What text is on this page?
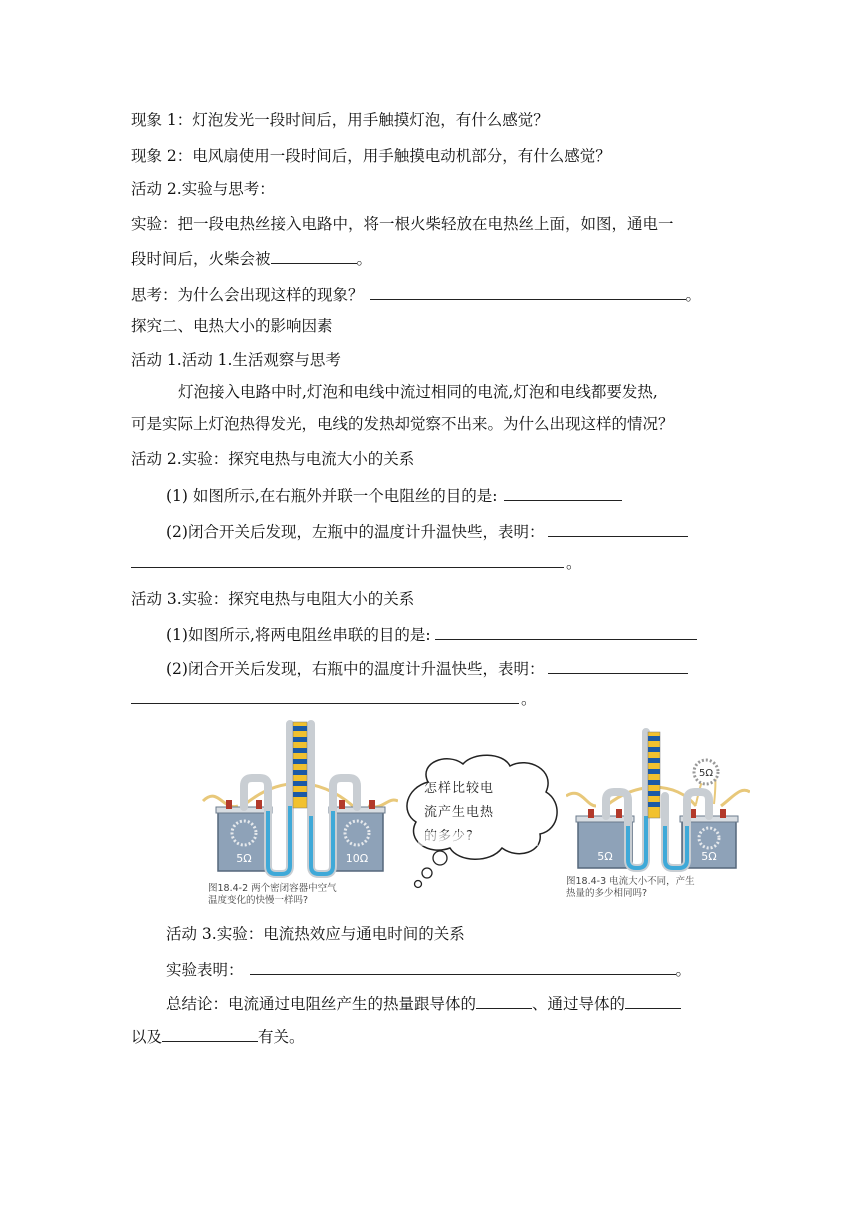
现象 1：灯泡发光一段时间后，用手触摸灯泡，有什么感觉？
现象 2：电风扇使用一段时间后，用手触摸电动机部分，有什么感觉？
活动 2.实验与思考：
实验：把一段电热丝接入电路中，将一根火柴轻放在电热丝上面，如图，通电一
段时间后，火柴会被	。
思考：为什么会出现这样的现象？	。
探究二、电热大小的影响因素
活动 1.活动 1.生活观察与思考
灯泡接入电路中时,灯泡和电线中流过相同的电流,灯泡和电线都要发热,
可是实际上灯泡热得发光，电线的发热却觉察不出来。为什么出现这样的情况？
活动 2.实验：探究电热与电流大小的关系
(1) 如图所示,在右瓶外并联一个电阻丝的目的是:
(2)闭合开关后发现，左瓶中的温度计升温快些，表明：
。
活动 3.实验：探究电热与电阻大小的关系
(1)如图所示,将两电阻丝串联的目的是:
(2)闭合开关后发现，右瓶中的温度计升温快些，表明：
。
5Ω	10Ω
图18.4-2 两个密闭容器中空气
温度变化的快慢一样吗?
怎样比较电
流产生电热
5Ω
5Ω	5Ω
图18.4-3 电流大小不同，产生
热量的多少相同吗?
活动 3.实验：电流热效应与通电时间的关系
实验表明：	。
总结论：电流通过电阻丝产生的热量跟导体的	、通过导体的
以及	有关。
